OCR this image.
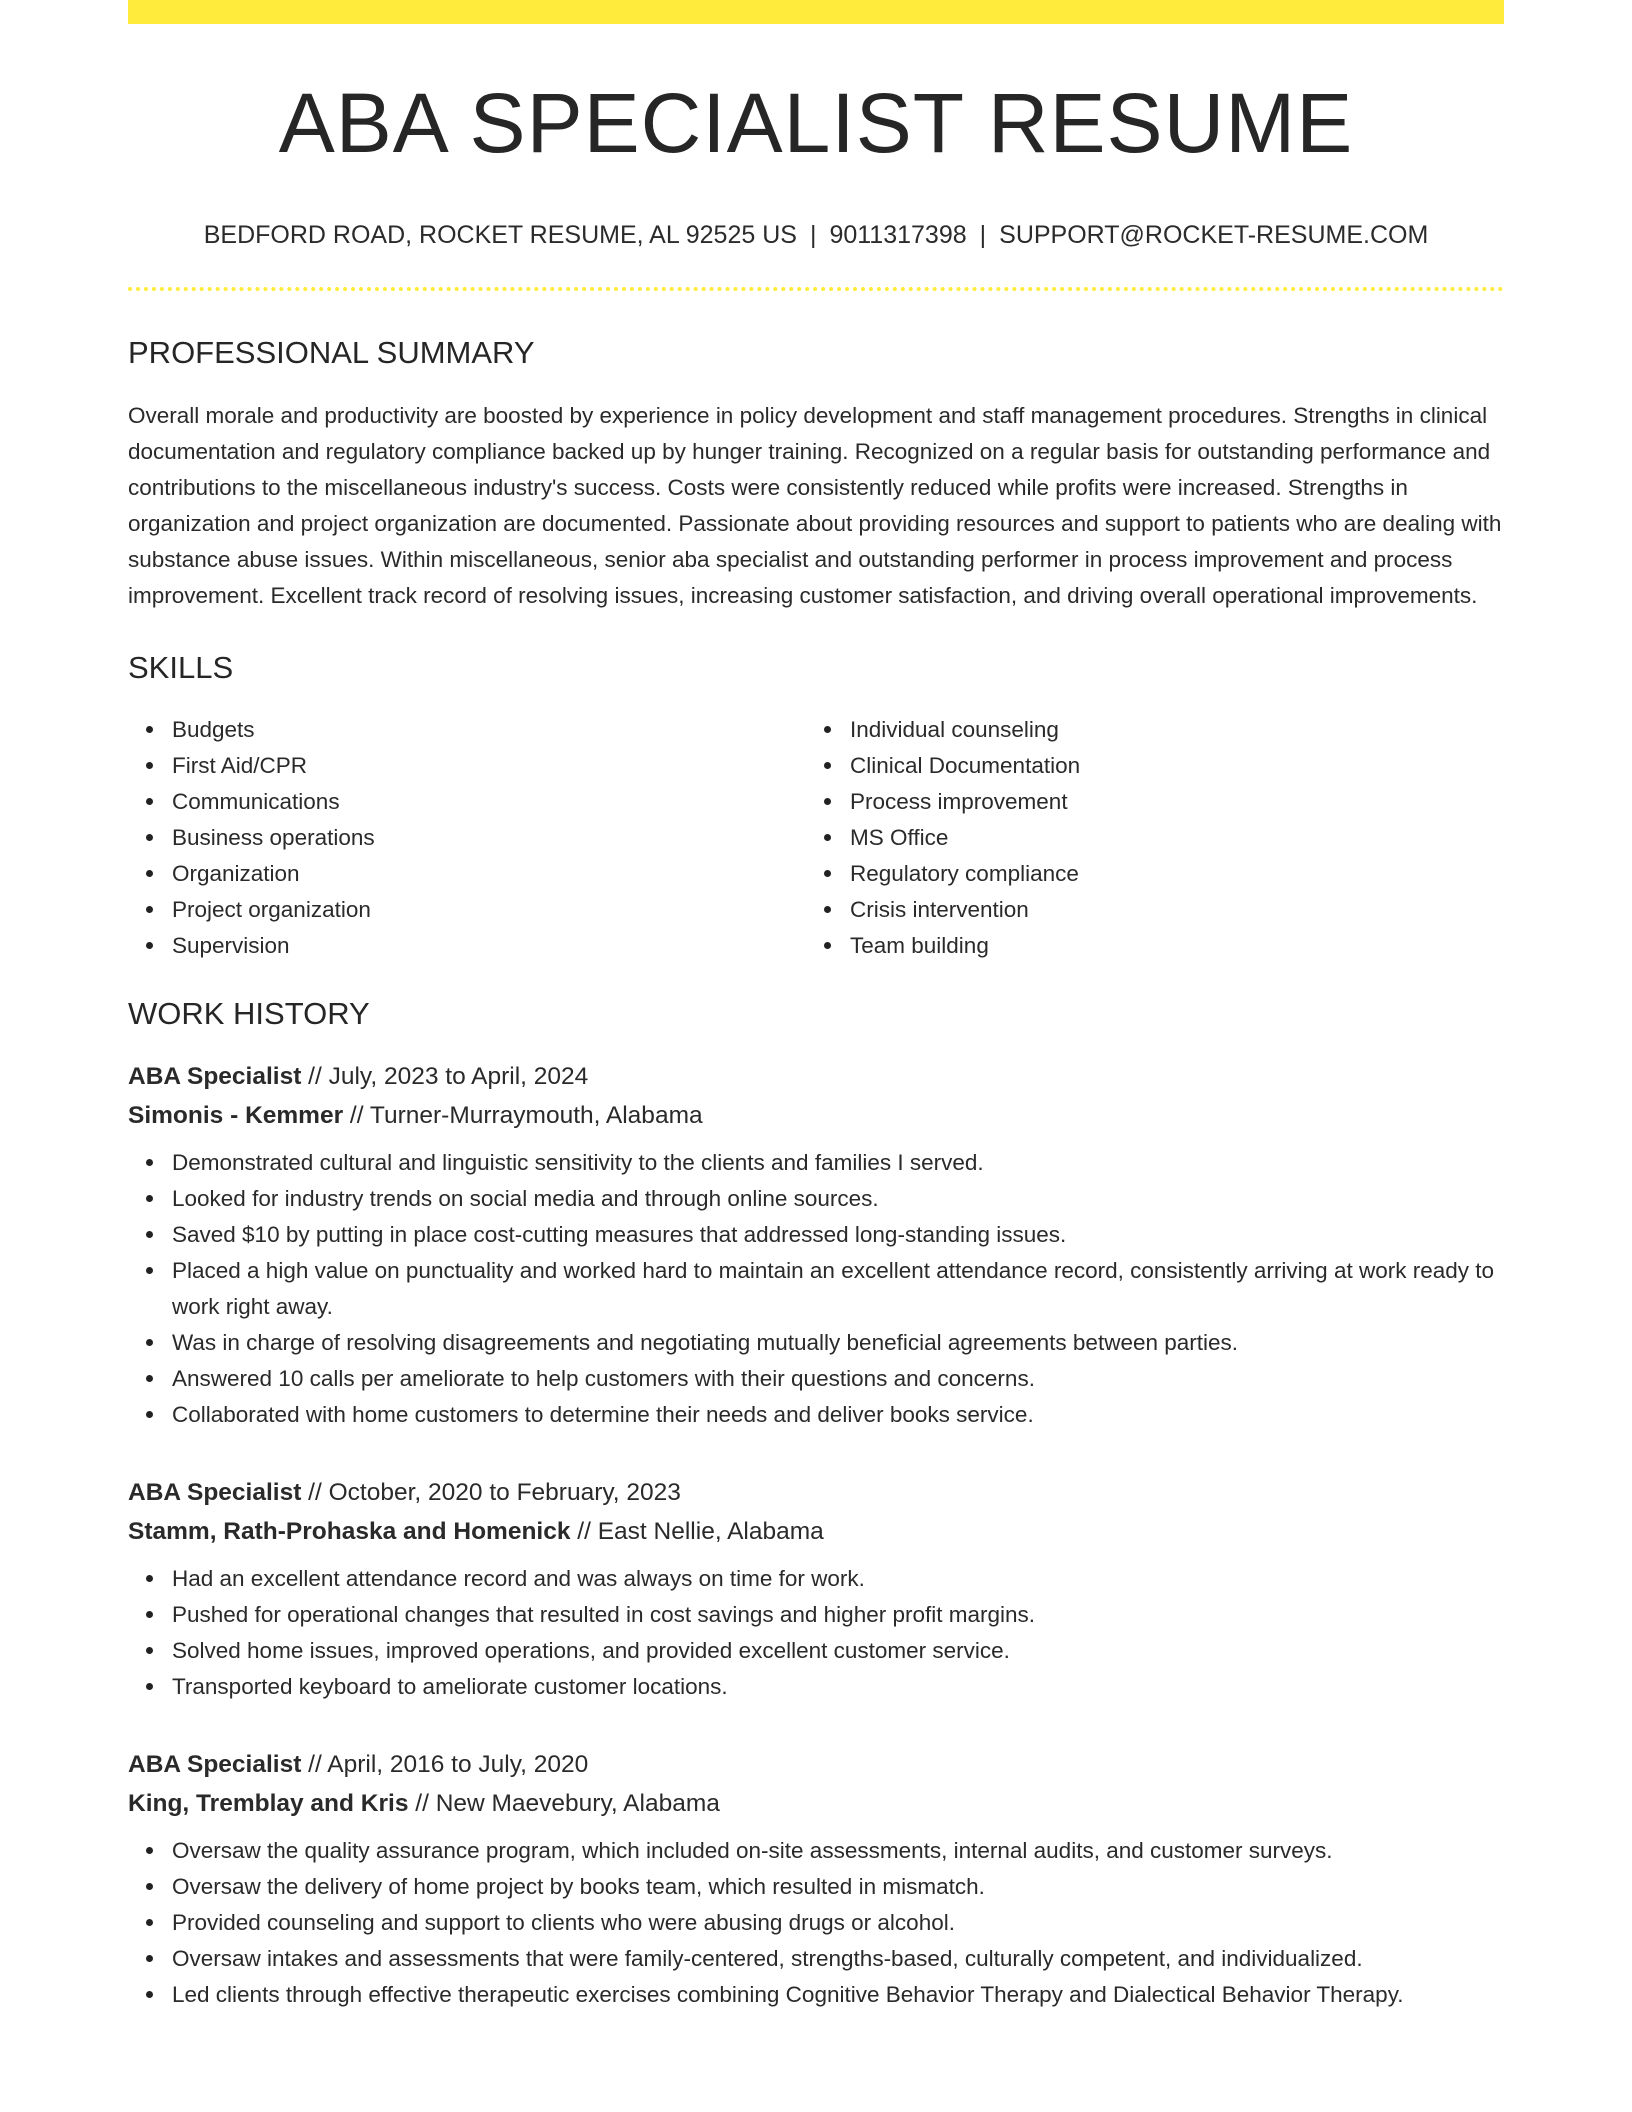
ABA SPECIALIST RESUME
BEDFORD ROAD, ROCKET RESUME, AL 92525 US | 9011317398 | SUPPORT@ROCKET-RESUME.COM
PROFESSIONAL SUMMARY

Overall morale and productivity are boosted by experience in policy development and staff management procedures. Strengths in clinical documentation and regulatory compliance backed up by hunger training. Recognized on a regular basis for outstanding performance and contributions to the miscellaneous industry's success. Costs were consistently reduced while profits were increased. Strengths in organization and project organization are documented. Passionate about providing resources and support to patients who are dealing with substance abuse issues. Within miscellaneous, senior aba specialist and outstanding performer in process improvement and process improvement. Excellent track record of resolving issues, increasing customer satisfaction, and driving overall operational improvements.

SKILLS
Budgets
First Aid/CPR
Communications
Business operations
Organization
Project organization
Supervision
Individual counseling
Clinical Documentation
Process improvement
MS Office
Regulatory compliance
Crisis intervention
Team building
WORK HISTORY
ABA Specialist // July, 2023 to April, 2024
Simonis - Kemmer // Turner-Murraymouth, Alabama
Demonstrated cultural and linguistic sensitivity to the clients and families I served.
Looked for industry trends on social media and through online sources.
Saved $10 by putting in place cost-cutting measures that addressed long-standing issues.
Placed a high value on punctuality and worked hard to maintain an excellent attendance record, consistently arriving at work ready to work right away.
Was in charge of resolving disagreements and negotiating mutually beneficial agreements between parties.
Answered 10 calls per ameliorate to help customers with their questions and concerns.
Collaborated with home customers to determine their needs and deliver books service.
ABA Specialist // October, 2020 to February, 2023
Stamm, Rath-Prohaska and Homenick // East Nellie, Alabama
Had an excellent attendance record and was always on time for work.
Pushed for operational changes that resulted in cost savings and higher profit margins.
Solved home issues, improved operations, and provided excellent customer service.
Transported keyboard to ameliorate customer locations.
ABA Specialist // April, 2016 to July, 2020
King, Tremblay and Kris // New Maevebury, Alabama
Oversaw the quality assurance program, which included on-site assessments, internal audits, and customer surveys.
Oversaw the delivery of home project by books team, which resulted in mismatch.
Provided counseling and support to clients who were abusing drugs or alcohol.
Oversaw intakes and assessments that were family-centered, strengths-based, culturally competent, and individualized.
Led clients through effective therapeutic exercises combining Cognitive Behavior Therapy and Dialectical Behavior Therapy.
